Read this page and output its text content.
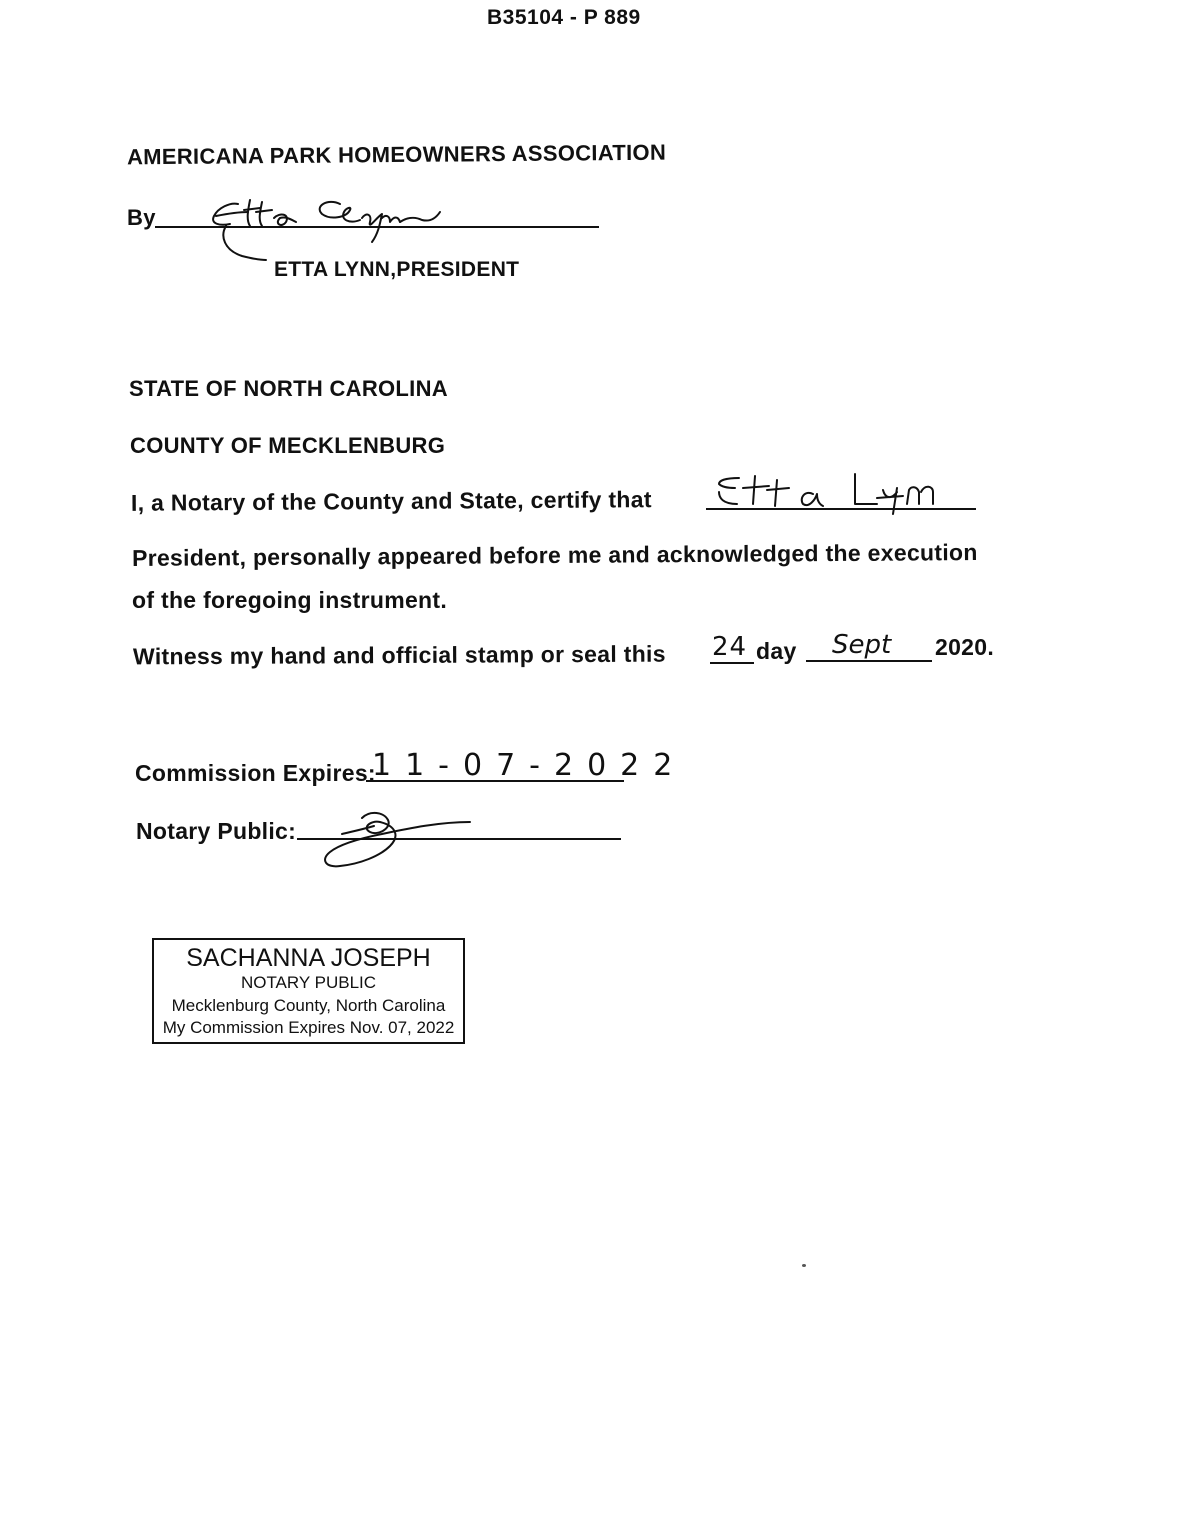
B35104 - P 889
AMERICANA PARK HOMEOWNERS ASSOCIATION
By
ETTA LYNN,PRESIDENT
STATE OF NORTH CAROLINA
COUNTY OF MECKLENBURG
I, a Notary of the County and State, certify that
President, personally appeared before me and acknowledged the execution
of the foregoing instrument.
Witness my hand and official stamp or seal this 24 day Sept 2020.
Commission Expires:
11-07-2022
Notary Public:
SACHANNA JOSEPH
NOTARY PUBLIC
Mecklenburg County, North Carolina
My Commission Expires Nov. 07, 2022
